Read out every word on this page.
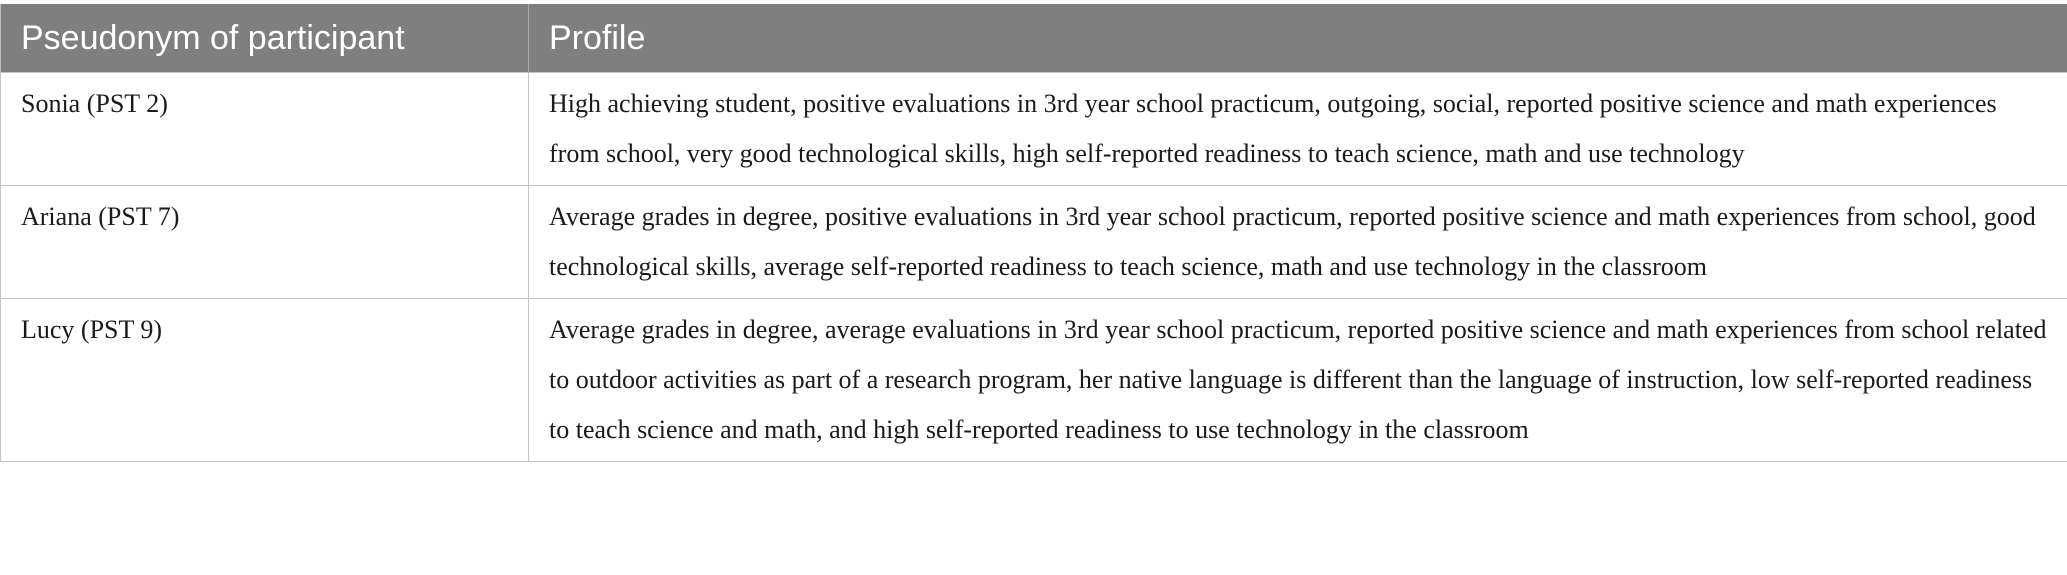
Pseudonym of participant	Profile
Sonia (PST 2)	High achieving student, positive evaluations in 3rd year school practicum, outgoing, social, reported positive science and math experiences from school, very good technological skills, high self-reported readiness to teach science, math and use technology
Ariana (PST 7)	Average grades in degree, positive evaluations in 3rd year school practicum, reported positive science and math experiences from school, good technological skills, average self-reported readiness to teach science, math and use technology in the classroom
Lucy (PST 9)	Average grades in degree, average evaluations in 3rd year school practicum, reported positive science and math experiences from school related to outdoor activities as part of a research program, her native language is different than the language of instruction, low self-reported readiness to teach science and math, and high self-reported readiness to use technology in the classroom
